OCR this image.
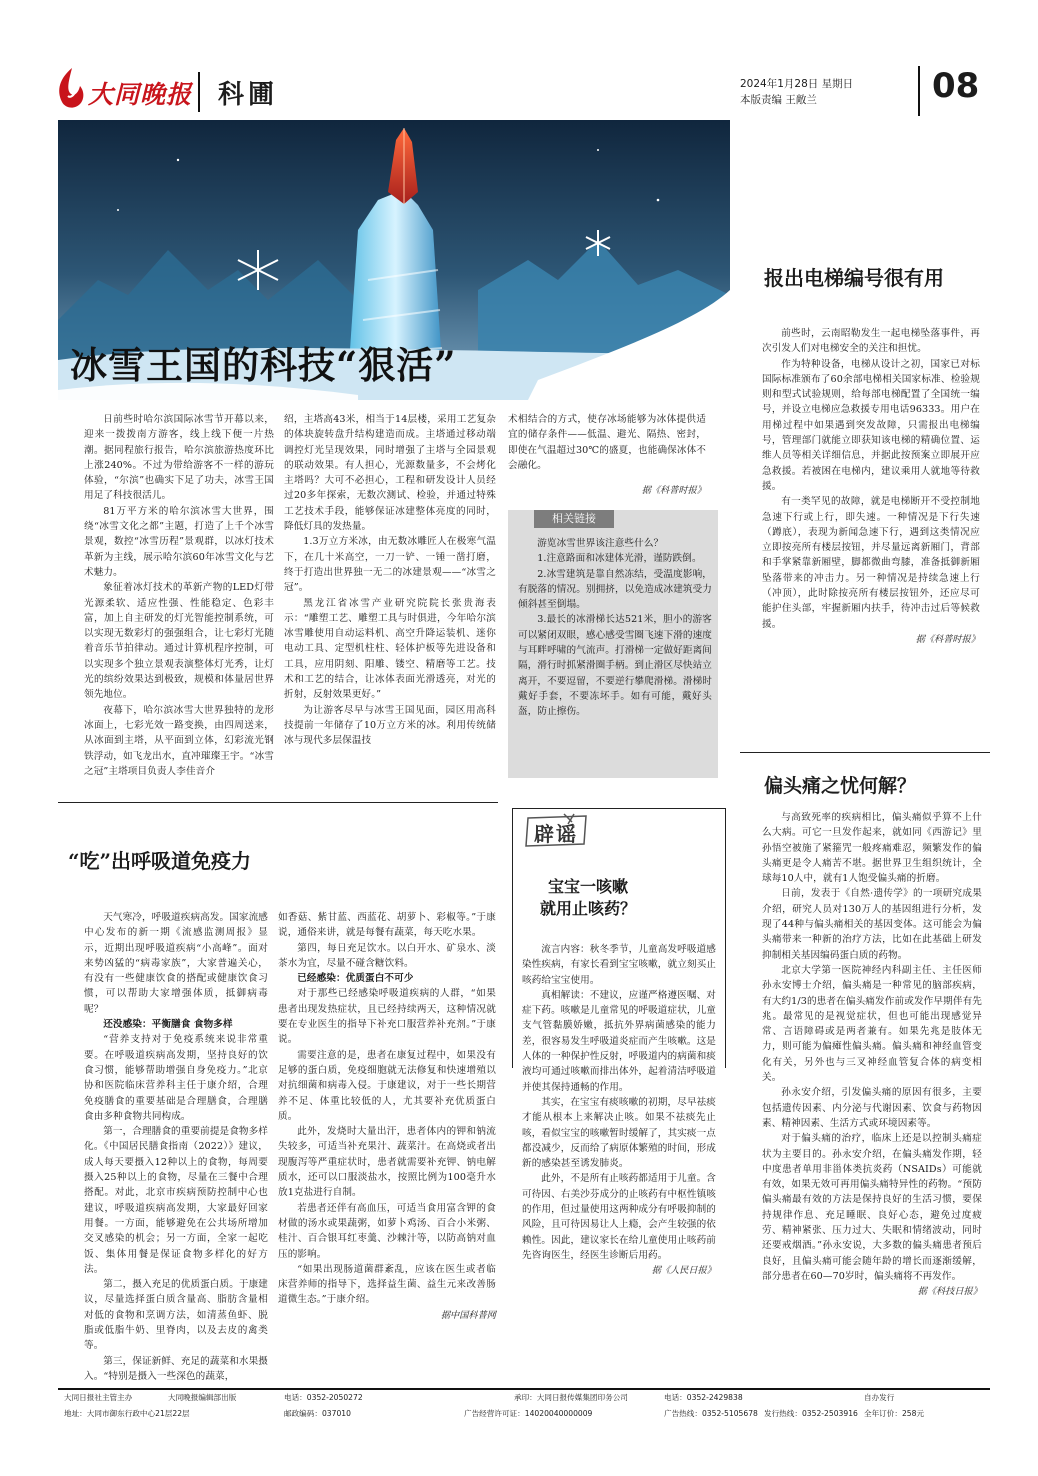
大同晚报 科圃	2024年1月28日 星期日
本版责编 王敞兰	08
冰雪王国的科技“狠活”

日前些时哈尔滨国际冰雪节开幕以来，迎来一拨拨南方游客，线上线下便一片热潮。据同程旅行报告，哈尔滨旅游热度环比上涨240%。不过为带给游客不一样的游玩体验，“尔滨”也确实下足了功夫，冰雪王国用足了科技很活儿。

81万平方米的哈尔滨冰雪大世界，围绕“冰雪文化之都”主题，打造了上千个冰雪景观，数控“冰雪历程”景观群，以冰灯技术革新为主线，展示哈尔滨60年冰雪文化与艺术魅力。

象征着冰灯技术的革新产物的LED灯带光源柔软、适应性强、性能稳定、色彩丰富，加上自主研发的灯光智能控制系统，可以实现无数彩灯的强强组合，让七彩灯光随着音乐节拍律动。通过计算机程序控制，可以实现多个独立景观表演整体灯光秀，让灯光的缤纷效果达到极致，规模和体量居世界领先地位。

夜幕下，哈尔滨冰雪大世界独特的龙形冰面上，七彩光效一路变换，由四周送来，从冰面到主塔，从平面到立体，幻彩流光钢铁浮动，如飞龙出水，直冲璀璨王宇。“冰雪之冠”主塔项目负责人李佳音介

绍，主塔高43米，相当于14层楼，采用工艺复杂的体块旋转盘升结构建造而成。主塔通过移动端调控灯光呈现效果，同时增强了主塔与全园景观的联动效果。有人担心，光源数量多，不会烤化主塔吗？大可不必担心，工程和研发设计人员经过20多年探索，无数次测试、检验，并通过特殊工艺技术手段，能够保证冰建整体亮度的同时，降低灯具的发热量。

1.3万立方米冰，由无数冰雕匠人在极寒气温下，在几十米高空，一刀一铲、一锤一凿打磨，终于打造出世界独一无二的冰建景观——“冰雪之冠”。

黑龙江省冰雪产业研究院院长张贵海表示：“雕塑工艺、雕塑工具与时俱进，今年哈尔滨冰雪雕使用自动运料机、高空升降运装机、迷你电动工具、定型机柱柱、轻体护板等先进设备和工具，应用阴刻、阳雕、镂空、精磨等工艺。技术和工艺的结合，让冰体表面光滑透亮，对光的折射，反射效果更好。”

为让游客尽早与冰雪王国见面，园区用高科技提前一年储存了10万立方米的冰。利用传统储冰与现代多层保温技

术相结合的方式，使存冰场能够为冰体提供适宜的储存条件——低温、避光、隔热、密封，即使在气温超过30℃的盛夏，也能确保冰体不会融化。

据《科普时报》

相关链接

游览冰雪世界该注意些什么？

1.注意路面和冰建体光滑，谨防跌倒。

2.冰雪建筑是靠自然冻结，受温度影响，有脱落的情况。别拥挤，以免造成冰建筑受力倾斜甚至倒塌。

3.最长的冰滑梯长达521米，胆小的游客可以紧闭双眼，感心感受雪圈飞速下滑的速度与耳畔呼啸的气流声。打滑梯一定做好距离间隔，滑行时抓紧滑圈手柄。到止滑区尽快站立离开，不要逗留，不要逆行攀爬滑梯。滑梯时戴好手套，不要冻坏手。如有可能，戴好头盔，防止擦伤。

报出电梯编号很有用

前些时，云南昭勒发生一起电梯坠落事件，再次引发人们对电梯安全的关注和担忧。

作为特种设备，电梯从设计之初，国家已对标国际标准颁布了60余部电梯相关国家标准、检验规则和型式试验规则，给每部电梯配置了全国统一编号，并设立电梯应急救援专用电话96333。用户在用梯过程中如果遇到突发故障，只需报出电梯编号，管理部门就能立即获知该电梯的精确位置、运维人员等相关详细信息，并据此按预案立即展开应急救援。若被困在电梯内，建议乘用人就地等待救援。

有一类罕见的故障，就是电梯断开不受控制地急速下行或上行，即失速。一种情况是下行失速（蹲底），表现为新闻急速下行，遇到这类情况应立即按亮所有楼层按钮，并尽量远离新厢门，背部和手掌紧靠新厢壁，脚都微曲弯膝，准备抵御新厢坠落带来的冲击力。另一种情况是持续急速上行（冲顶），此时除按亮所有楼层按钮外，还应尽可能护住头部，牢握新厢内扶手，待冲击过后等候救援。

据《科普时报》

偏头痛之忧何解？

与高致死率的疾病相比，偏头痛似乎算不上什么大病。可它一旦发作起来，就如同《西游记》里孙悟空被施了紧箍咒一般疼痛难忍，频繁发作的偏头痛更是令人痛苦不堪。据世界卫生组织统计，全球每10人中，就有1人饱受偏头痛的折磨。

日前，发表于《自然·遗传学》的一项研究成果介绍，研究人员对130万人的基因组进行分析，发现了44种与偏头痛相关的基因变体。这可能会为偏头痛带来一种新的治疗方法，比如在此基础上研发抑制相关基因编码蛋白质的药物。

北京大学第一医院神经内科副主任、主任医师孙永安博士介绍，偏头痛是一种常见的脑部疾病，有大约1/3的患者在偏头痛发作前或发作早期伴有先兆。最常见的是视觉症状，但也可能出现感觉异常、言语障碍或是两者兼有。如果先兆是肢体无力，则可能为偏瘫性偏头痛。偏头痛和神经血管变化有关，另外也与三叉神经血管复合体的病变相关。

孙永安介绍，引发偏头痛的原因有很多，主要包括遗传因素、内分泌与代谢因素、饮食与药物因素、精神因素、生活方式或环境因素等。

对于偏头痛的治疗，临床上还是以控制头痛症状为主要目的。孙永安介绍，在偏头痛发作期，轻中度患者单用非甾体类抗炎药（NSAIDs）可能就有效，如果无效可再用偏头痛特异性的药物。“预防偏头痛最有效的方法是保持良好的生活习惯，要保持规律作息、充足睡眠、良好心态，避免过度疲劳、精神紧张、压力过大、失眠和情绪波动，同时还要戒烟酒。”孙永安说，大多数的偏头痛患者预后良好，且偏头痛可能会随年龄的增长而逐渐缓解，部分患者在60—70岁时，偏头痛将不再发作。

据《科技日报》

“吃”出呼吸道免疫力

天气寒冷，呼吸道疾病高发。国家流感中心发布的新一期《流感监测周报》显示，近期出现呼吸道疾病“小高峰”。面对来势凶猛的“病毒家族”，大家普遍关心，有没有一些健康饮食的搭配或健康饮食习惯，可以帮助大家增强体质，抵御病毒呢？

还没感染：平衡膳食 食物多样

“营养支持对于免疫系统来说非常重要。在呼吸道疾病高发期，坚持良好的饮食习惯，能够帮助增强自身免疫力。”北京协和医院临床营养科主任于康介绍，合理免疫膳食的重要基础是合理膳食，合理膳食由多种食物共同构成。

第一，合理膳食的重要前提是食物多样化。《中国居民膳食指南（2022）》建议，成人每天要摄入12种以上的食物，每周要摄入25种以上的食物，尽量在三餐中合理搭配。对此，北京市疾病预防控制中心也建议，呼吸道疾病高发期，大家最好回家用餐。一方面，能够避免在公共场所增加交叉感染的机会；另一方面，全家一起吃饭、集体用餐是保证食物多样化的好方法。

第二，摄入充足的优质蛋白质。于康建议，尽量选择蛋白质含量高、脂肪含量相对低的食物和烹调方法，如清蒸鱼虾、脱脂或低脂牛奶、里脊肉，以及去皮的禽类等。

第三，保证新鲜、充足的蔬菜和水果摄入。“特别是摄入一些深色的蔬菜，

如香菇、紫甘蓝、西蓝花、胡萝卜、彩椒等。”于康说，通俗来讲，就是每餐有蔬菜，每天吃水果。

第四，每日充足饮水。以白开水、矿泉水、淡茶水为宜，尽量不碰含糖饮料。

已经感染：优质蛋白不可少

对于那些已经感染呼吸道疾病的人群，“如果患者出现发热症状，且已经持续两天，这种情况就要在专业医生的指导下补充口服营养补充剂。”于康说。

需要注意的是，患者在康复过程中，如果没有足够的蛋白质，免疫细胞就无法修复和快速增殖以对抗细菌和病毒入侵。于康建议，对于一些长期营养不足、体重比较低的人，尤其要补充优质蛋白质。

此外，发烧时大量出汗，患者体内的钾和钠流失较多，可适当补充果汁、蔬菜汁。在高烧或者出现腹泻等严重症状时，患者就需要补充钾、钠电解质水，还可以口服淡盐水，按照比例为100毫升水放1克盐进行自制。

若患者还伴有高血压，可适当食用富含钾的食材做的汤水或果蔬粥，如萝卜鸡汤、百合小米粥、桂汁、百合银耳红枣羹、沙棘汁等，以防高钠对血压的影响。

“如果出现肠道菌群紊乱，应该在医生或者临床营养师的指导下，选择益生菌、益生元来改善肠道微生态。”于康介绍。

据中国科普网

辟谣
宝宝一咳嗽
就用止咳药？

流言内容：秋冬季节，儿童高发呼吸道感染性疾病，有家长看到宝宝咳嗽，就立刻买止咳药给宝宝使用。

真相解读：不建议，应谨严格遵医嘱、对症下药。咳嗽是儿童常见的呼吸道症状，儿童支气管黏膜娇嫩，抵抗外界病菌感染的能力差，很容易发生呼吸道炎症而产生咳嗽。这是人体的一种保护性反射，呼吸道内的病菌和痰液均可通过咳嗽而排出体外，起着清洁呼吸道并使其保持通畅的作用。

其实，在宝宝有痰咳嗽的初期，尽早祛痰才能从根本上来解决止咳。如果不祛痰先止咳，看似宝宝的咳嗽暂时缓解了，其实痰一点都没减少，反而给了病原体繁殖的时间，形成新的感染甚至诱发肺炎。

此外，不是所有止咳药都适用于儿童。含可待因、右美沙芬成分的止咳药有中枢性镇咳的作用，但过量使用这两种成分有呼吸抑制的风险，且可待因易让人上瘾，会产生较强的依赖性。因此，建议家长在给儿童使用止咳药前先咨询医生，经医生诊断后用药。

据《人民日报》

大同日报社主管主办	大同晚报编辑部出版	电话：0352-2050272	承印：大同日报传媒集团印务公司	电话：0352-2429838	自办发行
地址：大同市御东行政中心21层22层	邮政编码：037010	广告经营许可证：14020040000009	广告热线：0352-5105678 发行热线：0352-2503916 全年订价：258元
